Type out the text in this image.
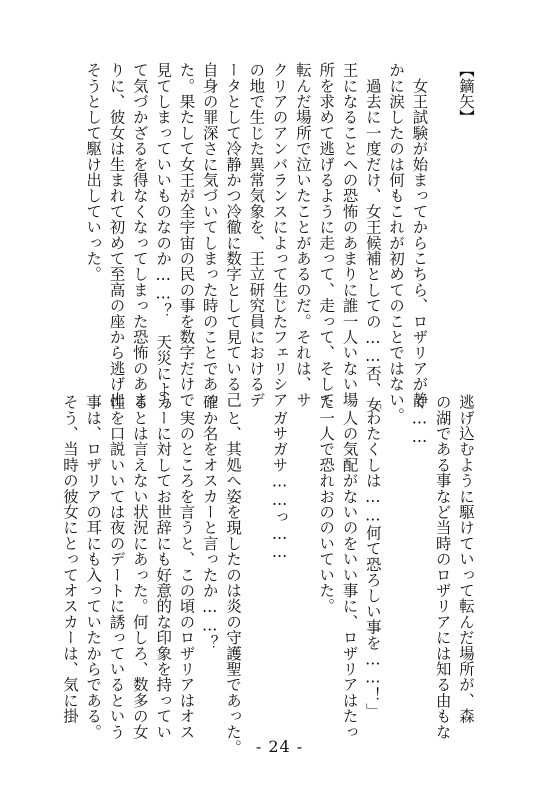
【鏑矢】
　女王試験が始まってからこちら、ロザリアが静
かに涙したのは何もこれが初めてのことではない。
　過去に一度だけ、女王候補としての……否、女
王になることへの恐怖のあまりに誰一人いない場
所を求めて逃げるように走って、走って、そして
転んだ場所で泣いたことがあるのだ。それは、サ
クリアのアンバランスによって生じたフェリシア
の地で生じた異常気象を、王立研究員におけるデ
ータとして冷静かつ冷徹に数字として見ている己
自身の罪深さに気づいてしまった時のことであっ
た。果たして女王が全宇宙の民の事を数字だけで
見てしまっていいものなのか……？　天災によっ
て気づかざるを得なくなってしまった恐怖のあま
りに、彼女は生まれて初めて至高の座から逃げ出
そうとして駆け出していった。
逃げ込むように駆けていって転んだ場所が、森
の湖である事など当時のロザリアには知る由もな
く……
「わたくしは……何て恐ろしい事を……！」
　人の気配がないのをいい事に、ロザリアはたっ
た一人で恐れおののいていた。
　ガサガサ……っ……
　と、其処へ姿を現したのは炎の守護聖であった。
確か名をオスカーと言ったか……？
　実のところを言うと、この頃のロザリアはオス
カーに対してお世辞にも好意的な印象を持ってい
るとは言えない状況にあった。何しろ、数多の女
性を口説いいては夜のデートに誘っているという
事は、ロザリアの耳にも入っていたからである。
そう、当時の彼女にとってオスカーは、気に掛
- 24 -
